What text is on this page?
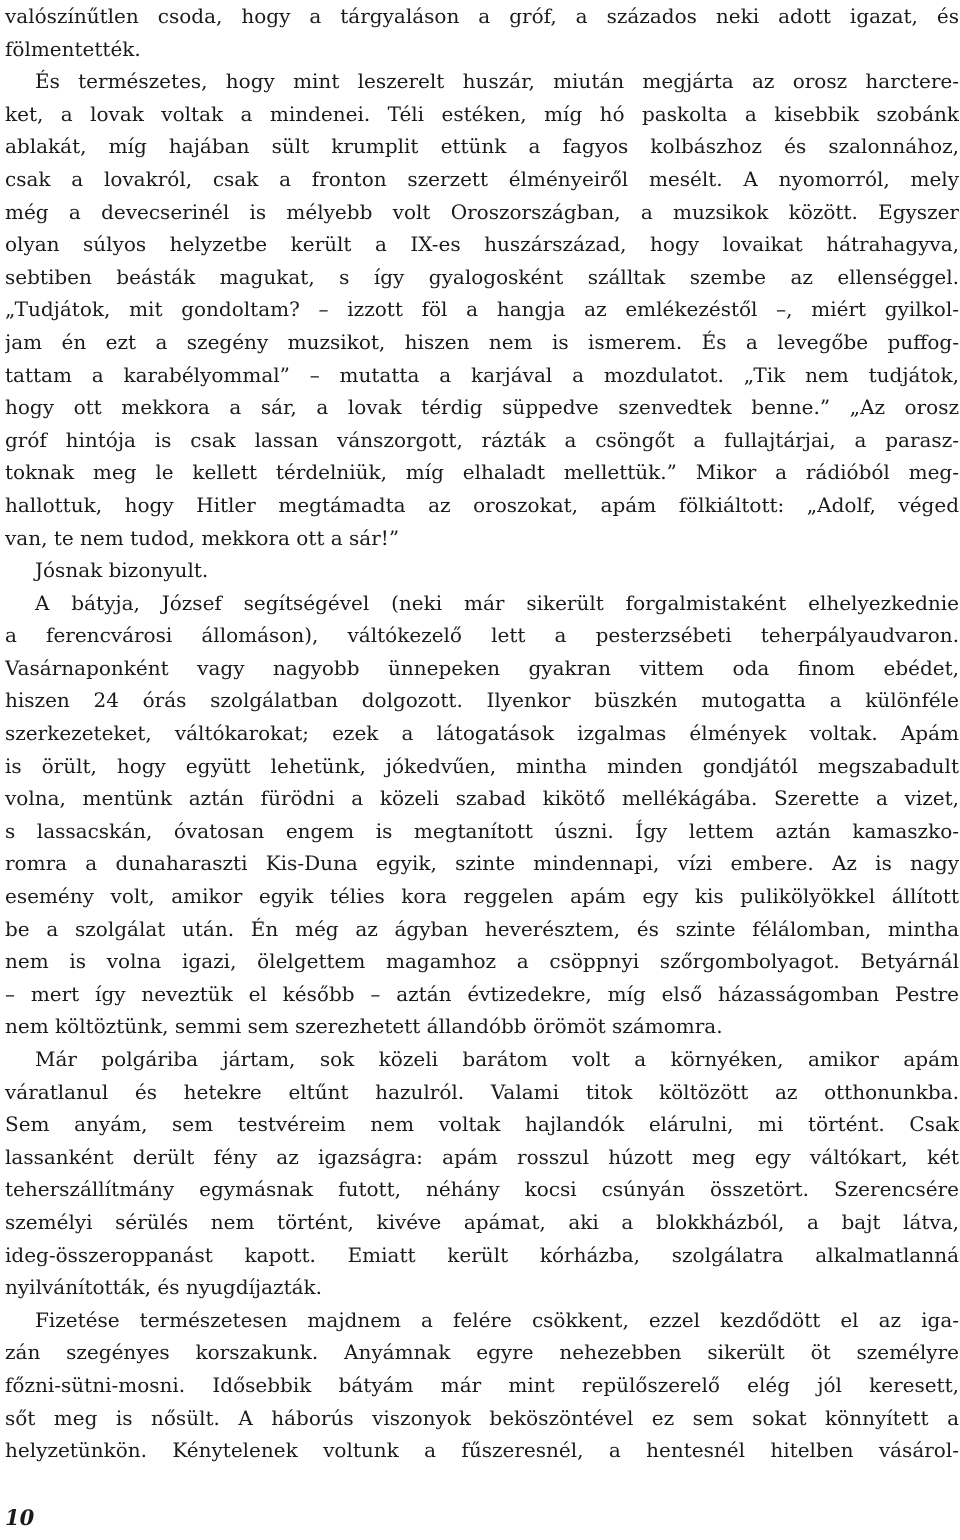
valószínűtlen csoda, hogy a tárgyaláson a gróf, a százados neki adott igazat, és
fölmentették.
És természetes, hogy mint leszerelt huszár, miután megjárta az orosz harctere-
ket, a lovak voltak a mindenei. Téli estéken, míg hó paskolta a kisebbik szobánk
ablakát, míg hajában sült krumplit ettünk a fagyos kolbászhoz és szalonnához,
csak a lovakról, csak a fronton szerzett élményeiről mesélt. A nyomorról, mely
még a devecserinél is mélyebb volt Oroszországban, a muzsikok között. Egyszer
olyan súlyos helyzetbe került a IX-es huszárszázad, hogy lovaikat hátrahagyva,
sebtiben beásták magukat, s így gyalogosként szálltak szembe az ellenséggel.
„Tudjátok, mit gondoltam? – izzott föl a hangja az emlékezéstől –, miért gyilkol-
jam én ezt a szegény muzsikot, hiszen nem is ismerem. És a levegőbe puffog-
tattam a karabélyommal” – mutatta a karjával a mozdulatot. „Tik nem tudjátok,
hogy ott mekkora a sár, a lovak térdig süppedve szenvedtek benne.” „Az orosz
gróf hintója is csak lassan vánszorgott, rázták a csöngőt a fullajtárjai, a parasz-
toknak meg le kellett térdelniük, míg elhaladt mellettük.” Mikor a rádióból meg-
hallottuk, hogy Hitler megtámadta az oroszokat, apám fölkiáltott: „Adolf, véged
van, te nem tudod, mekkora ott a sár!”
Jósnak bizonyult.
A bátyja, József segítségével (neki már sikerült forgalmistaként elhelyezkednie
a ferencvárosi állomáson), váltókezelő lett a pesterzsébeti teherpályaudvaron.
Vasárnaponként vagy nagyobb ünnepeken gyakran vittem oda finom ebédet,
hiszen 24 órás szolgálatban dolgozott. Ilyenkor büszkén mutogatta a különféle
szerkezeteket, váltókarokat; ezek a látogatások izgalmas élmények voltak. Apám
is örült, hogy együtt lehetünk, jókedvűen, mintha minden gondjától megszabadult
volna, mentünk aztán fürödni a közeli szabad kikötő mellékágába. Szerette a vizet,
s lassacskán, óvatosan engem is megtanított úszni. Így lettem aztán kamaszko-
romra a dunaharaszti Kis-Duna egyik, szinte mindennapi, vízi embere. Az is nagy
esemény volt, amikor egyik télies kora reggelen apám egy kis pulikölyökkel állított
be a szolgálat után. Én még az ágyban heverésztem, és szinte félálomban, mintha
nem is volna igazi, ölelgettem magamhoz a csöppnyi szőrgombolyagot. Betyárnál
– mert így neveztük el később – aztán évtizedekre, míg első házasságomban Pestre
nem költöztünk, semmi sem szerezhetett állandóbb örömöt számomra.
Már polgáriba jártam, sok közeli barátom volt a környéken, amikor apám
váratlanul és hetekre eltűnt hazulról. Valami titok költözött az otthonunkba.
Sem anyám, sem testvéreim nem voltak hajlandók elárulni, mi történt. Csak
lassanként derült fény az igazságra: apám rosszul húzott meg egy váltókart, két
teherszállítmány egymásnak futott, néhány kocsi csúnyán összetört. Szerencsére
személyi sérülés nem történt, kivéve apámat, aki a blokkházból, a bajt látva,
ideg-összeroppanást kapott. Emiatt került kórházba, szolgálatra alkalmatlanná
nyilvánították, és nyugdíjazták.
Fizetése természetesen majdnem a felére csökkent, ezzel kezdődött el az iga-
zán szegényes korszakunk. Anyámnak egyre nehezebben sikerült öt személyre
főzni-sütni-mosni. Idősebbik bátyám már mint repülőszerelő elég jól keresett,
sőt meg is nősült. A háborús viszonyok beköszöntével ez sem sokat könnyített a
helyzetünkön. Kénytelenek voltunk a fűszeresnél, a hentesnél hitelben vásárol-
10
